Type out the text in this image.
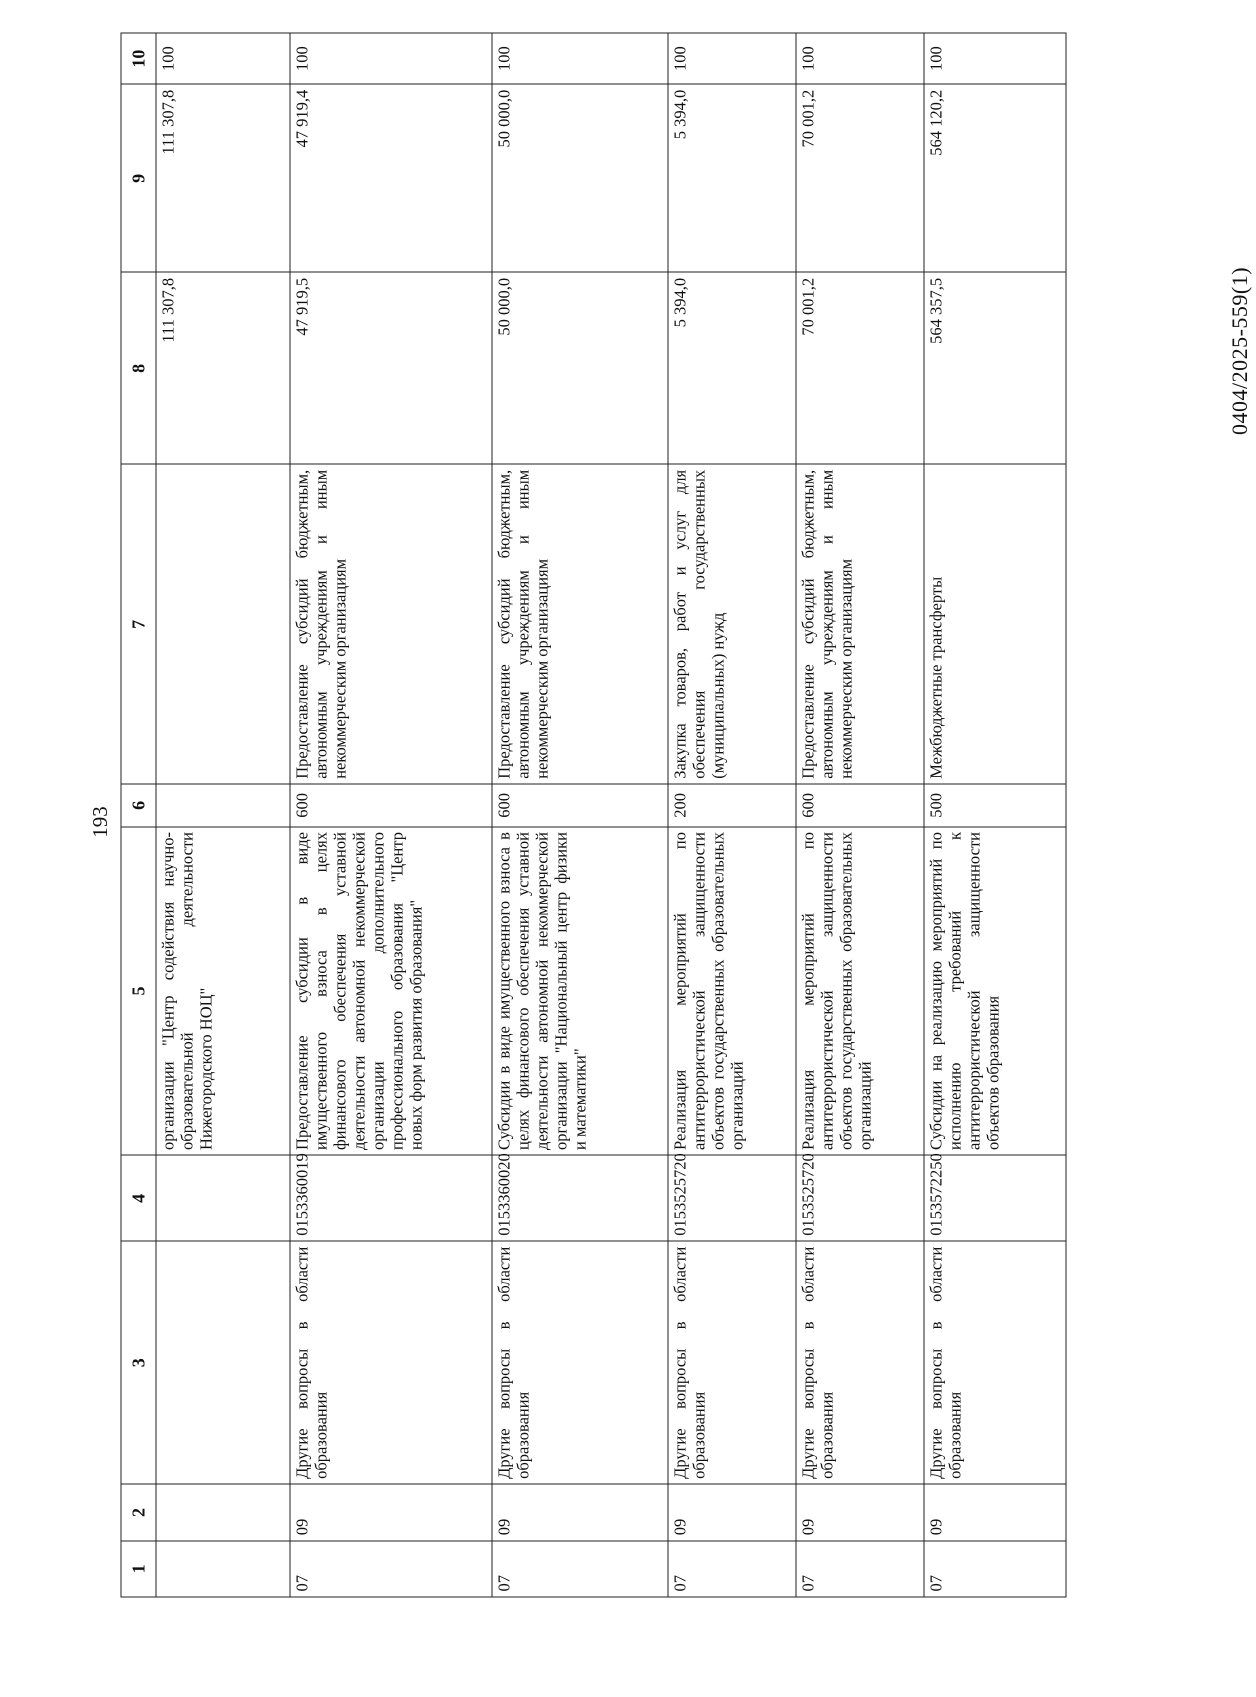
193
1	2	3	4	5	6	7	8	9	10
				организации "Центр содействия научно-образовательной деятельности Нижегородского НОЦ"			111 307,8	111 307,8	100
07	09	Другие вопросы в области образования	0153360019	Предоставление субсидии в виде имущественного взноса в целях финансового обеспечения уставной деятельности автономной некоммерческой организации дополнительного профессионального образования "Центр новых форм развития образования"	600	Предоставление субсидий бюджетным, автономным учреждениям и иным некоммерческим организациям	47 919,5	47 919,4	100
07	09	Другие вопросы в области образования	0153360020	Субсидии в виде имущественного взноса в целях финансового обеспечения уставной деятельности автономной некоммерческой организации "Национальный центр физики и математики"	600	Предоставление субсидий бюджетным, автономным учреждениям и иным некоммерческим организациям	50 000,0	50 000,0	100
07	09	Другие вопросы в области образования	0153525720	Реализация мероприятий по антитеррористической защищенности объектов государственных образовательных организаций	200	Закупка товаров, работ и услуг для обеспечения государственных (муниципальных) нужд	5 394,0	5 394,0	100
07	09	Другие вопросы в области образования	0153525720	Реализация мероприятий по антитеррористической защищенности объектов государственных образовательных организаций	600	Предоставление субсидий бюджетным, автономным учреждениям и иным некоммерческим организациям	70 001,2	70 001,2	100
07	09	Другие вопросы в области образования	0153572250	Субсидии на реализацию мероприятий по исполнению требований к антитеррористической защищенности объектов образования	500	Межбюджетные трансферты	564 357,5	564 120,2	100
0404/2025-559(1)
